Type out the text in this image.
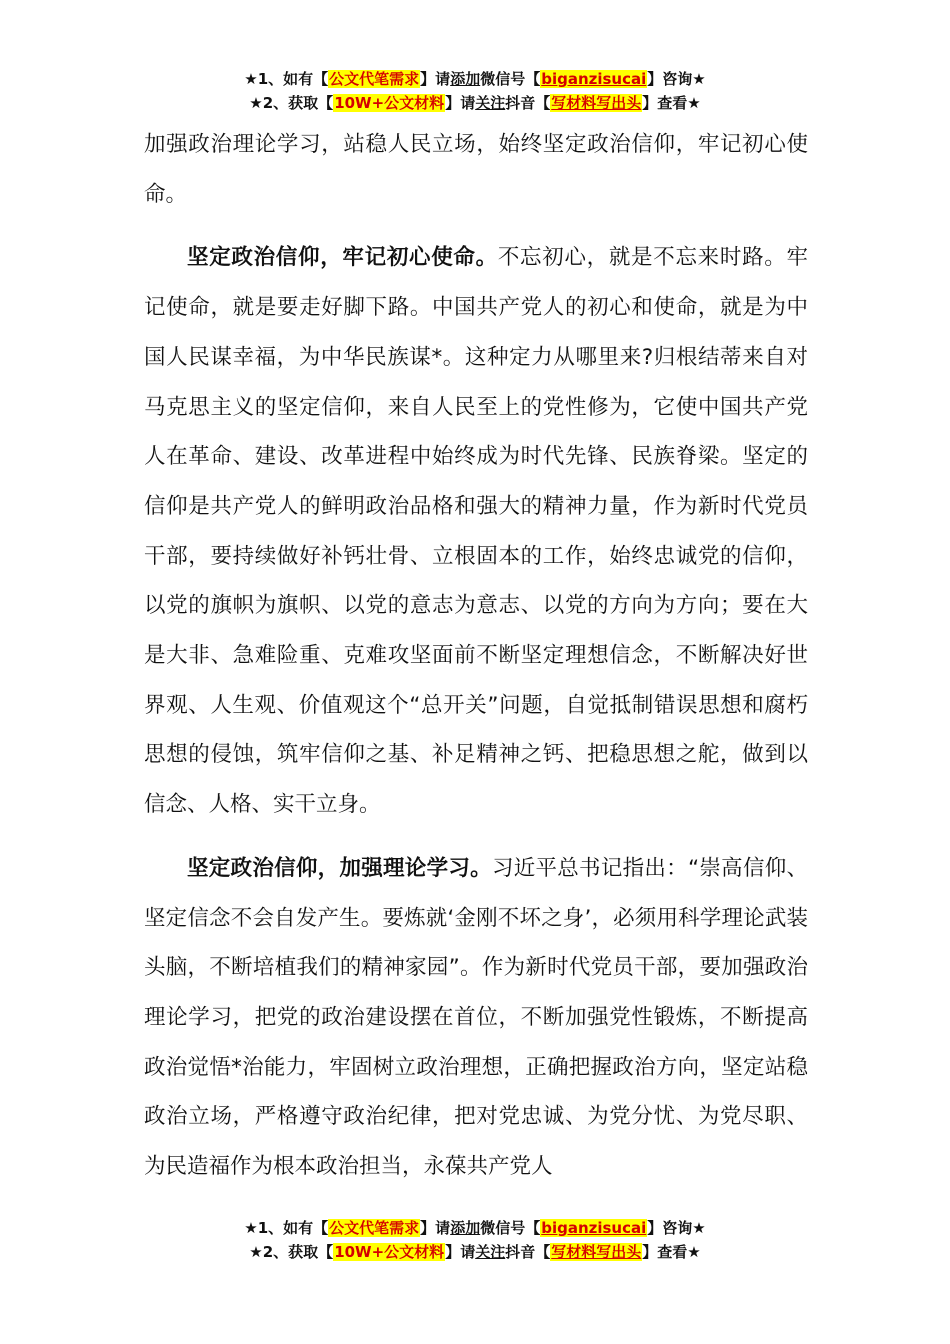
★1、如有【公文代笔需求】请添加微信号【biganzisucai】咨询★
★2、获取【10W+公文材料】请关注抖音【写材料写出头】查看★

加强政治理论学习，站稳人民立场，始终坚定政治信仰，牢记初心使命。

坚定政治信仰，牢记初心使命。不忘初心，就是不忘来时路。牢记使命，就是要走好脚下路。中国共产党人的初心和使命，就是为中国人民谋幸福，为中华民族谋*。这种定力从哪里来?归根结蒂来自对马克思主义的坚定信仰，来自人民至上的党性修为，它使中国共产党人在革命、建设、改革进程中始终成为时代先锋、民族脊梁。坚定的信仰是共产党人的鲜明政治品格和强大的精神力量，作为新时代党员干部，要持续做好补钙壮骨、立根固本的工作，始终忠诚党的信仰，以党的旗帜为旗帜、以党的意志为意志、以党的方向为方向；要在大是大非、急难险重、克难攻坚面前不断坚定理想信念，不断解决好世界观、人生观、价值观这个“总开关”问题，自觉抵制错误思想和腐朽思想的侵蚀，筑牢信仰之基、补足精神之钙、把稳思想之舵，做到以信念、人格、实干立身。

坚定政治信仰，加强理论学习。习近平总书记指出：“崇高信仰、坚定信念不会自发产生。要炼就‘金刚不坏之身’，必须用科学理论武装头脑，不断培植我们的精神家园”。作为新时代党员干部，要加强政治理论学习，把党的政治建设摆在首位，不断加强党性锻炼，不断提高政治觉悟*治能力，牢固树立政治理想，正确把握政治方向，坚定站稳政治立场，严格遵守政治纪律，把对党忠诚、为党分忧、为党尽职、为民造福作为根本政治担当，永葆共产党人

★1、如有【公文代笔需求】请添加微信号【biganzisucai】咨询★
★2、获取【10W+公文材料】请关注抖音【写材料写出头】查看★
